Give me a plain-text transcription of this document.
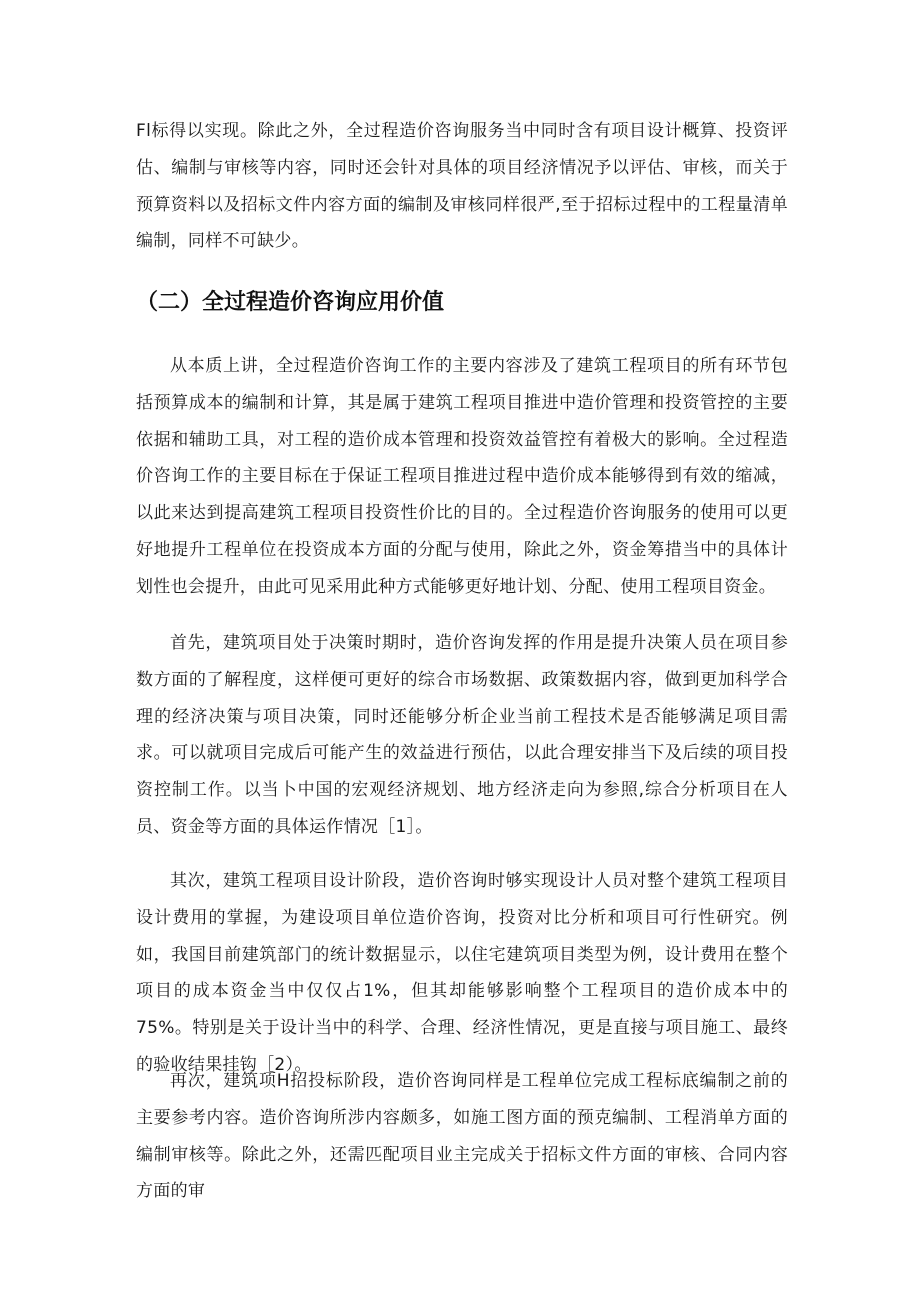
Fl标得以实现。除此之外，全过程造价咨询服务当中同时含有项目设计概算、投资评估、编制与审核等内容，同时还会针对具体的项目经济情况予以评估、审核，而关于预算资料以及招标文件内容方面的编制及审核同样很严,至于招标过程中的工程量清单编制，同样不可缺少。

（二）全过程造价咨询应用价值

从本质上讲，全过程造价咨询工作的主要内容涉及了建筑工程项目的所有环节包括预算成本的编制和计算，其是属于建筑工程项目推进中造价管理和投资管控的主要依据和辅助工具，对工程的造价成本管理和投资效益管控有着极大的影响。全过程造价咨询工作的主要目标在于保证工程项目推进过程中造价成本能够得到有效的缩减，以此来达到提高建筑工程项目投资性价比的目的。全过程造价咨询服务的使用可以更好地提升工程单位在投资成本方面的分配与使用，除此之外，资金筹措当中的具体计划性也会提升，由此可见采用此种方式能够更好地计划、分配、使用工程项目资金。

首先，建筑项目处于决策时期时，造价咨询发挥的作用是提升决策人员在项目参数方面的了解程度，这样便可更好的综合市场数据、政策数据内容，做到更加科学合理的经济决策与项目决策，同时还能够分析企业当前工程技术是否能够满足项目需求。可以就项目完成后可能产生的效益进行预估，以此合理安排当下及后续的项目投资控制工作。以当卜中国的宏观经济规划、地方经济走向为参照,综合分析项目在人员、资金等方面的具体运作情况［1］。

其次，建筑工程项目设计阶段，造价咨询时够实现设计人员对整个建筑工程项目设计费用的掌握，为建设项目单位造价咨询，投资对比分析和项目可行性研究。例如，我国目前建筑部门的统计数据显示，以住宅建筑项目类型为例，设计费用在整个项目的成本资金当中仅仅占1%，但其却能够影响整个工程项目的造价成本中的75%。特别是关于设计当中的科学、合理、经济性情况，更是直接与项目施工、最终的验收结果挂钩［2）。

再次，建筑项H招投标阶段，造价咨询同样是工程单位完成工程标底编制之前的主要参考内容。造价咨询所涉内容颇多，如施工图方面的预克编制、工程消单方面的编制审核等。除此之外，还需匹配项目业主完成关于招标文件方面的审核、合同内容方面的审
